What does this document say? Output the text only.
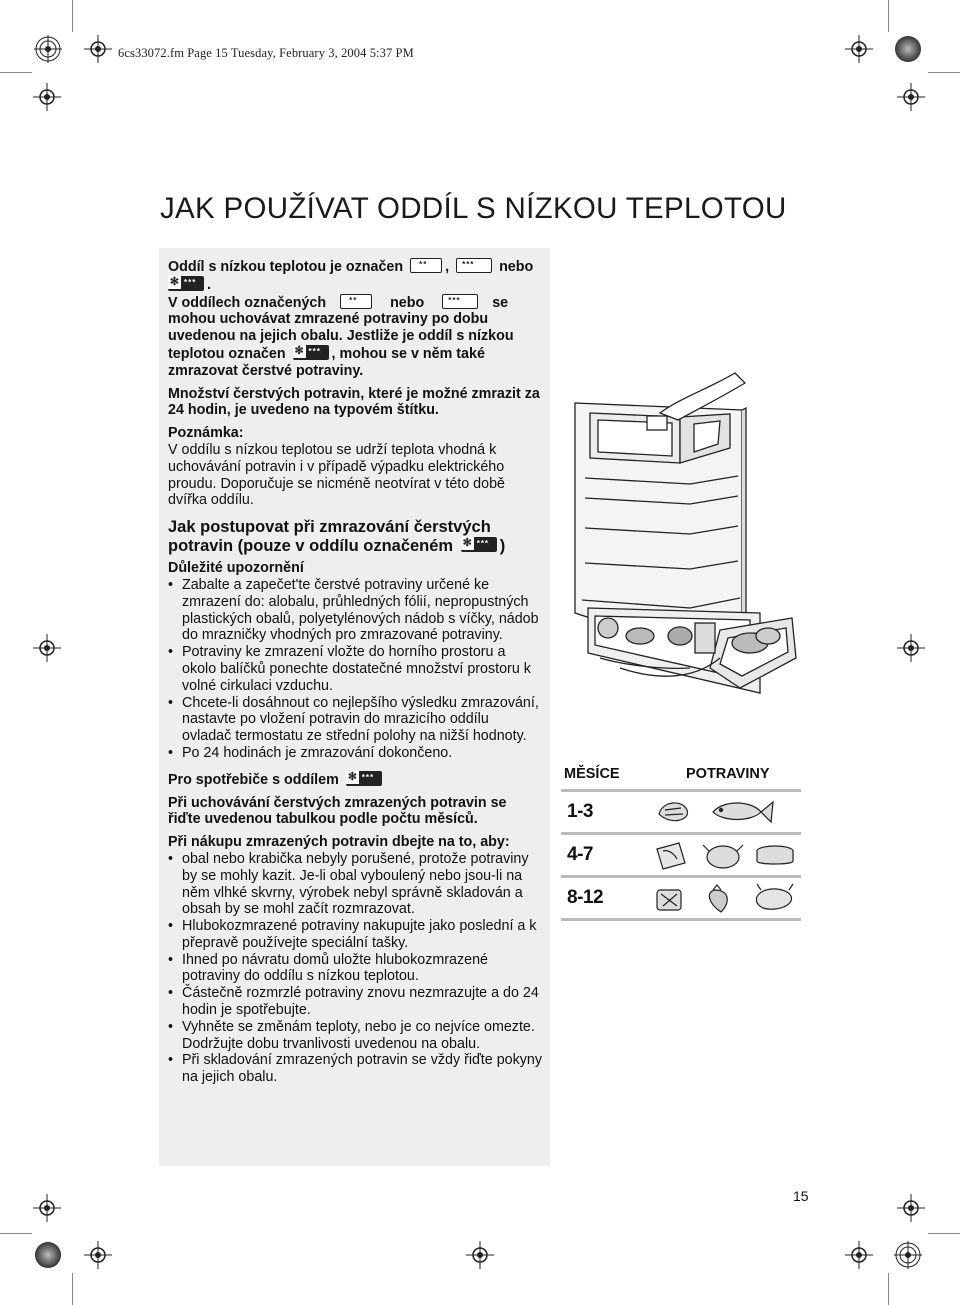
6cs33072.fm Page 15 Tuesday, February 3, 2004 5:37 PM
JAK POUŽÍVAT ODDÍL S NÍZKOU TEPLOTOU

Oddíl s nízkou teplotou je označen ** , *** nebo

✻ *** .

V oddílech označených	** nebo	*** se mohou uchovávat zmrazené potraviny po dobu uvedenou na jejich obalu. Jestliže je oddíl s nízkou teplotou označen ✻ *** , mohou se v něm také zmrazovat čerstvé potraviny.

Množství čerstvých potravin, které je možné zmrazit za 24 hodin, je uvedeno na typovém štítku.

Poznámka:

V oddílu s nízkou teplotou se udrží teplota vhodná k uchovávání potravin i v případě výpadku elektrického proudu. Doporučuje se nicméně neotvírat v této době dvířka oddílu.

Jak postupovat při zmrazování čerstvých potravin (pouze v oddílu označeném ✻ *** )

Důležité upozornění

• Zabalte a zapečet'te čerstvé potraviny určené ke zmrazení do: alobalu, průhledných fólií, nepropustných plastických obalů, polyetylénových nádob s víčky, nádob do mrazničky vhodných pro zmrazované potraviny.
• Potraviny ke zmrazení vložte do horního prostoru a okolo balíčků ponechte dostatečné množství prostoru k volné cirkulaci vzduchu.
• Chcete-li dosáhnout co nejlepšího výsledku zmrazování, nastavte po vložení potravin do mrazicího oddílu ovladač termostatu ze střední polohy na nižší hodnoty.
• Po 24 hodinách je zmrazování dokončeno.

Pro spotřebiče s oddílem ✻ ***

Při uchovávání čerstvých zmrazených potravin se řiďte uvedenou tabulkou podle počtu měsíců.

Při nákupu zmrazených potravin dbejte na to, aby:

• obal nebo krabička nebyly porušené, protože potraviny by se mohly kazit. Je-li obal vyboulený nebo jsou-li na něm vlhké skvrny, výrobek nebyl správně skladován a obsah by se mohl začít rozmrazovat.
• Hlubokozmrazené potraviny nakupujte jako poslední a k přepravě používejte speciální tašky.
• Ihned po návratu domů uložte hlubokozmrazené potraviny do oddílu s nízkou teplotou.
• Částečně rozmrzlé potraviny znovu nezmrazujte a do 24 hodin je spotřebujte.
• Vyhněte se změnám teploty, nebo je co nejvíce omezte. Dodržujte dobu trvanlivosti uvedenou na obalu.
• Při skladování zmrazených potravin se vždy řiďte pokyny na jejich obalu.
MĚSÍCE	POTRAVINY
1-3
4-7
8-12
15
